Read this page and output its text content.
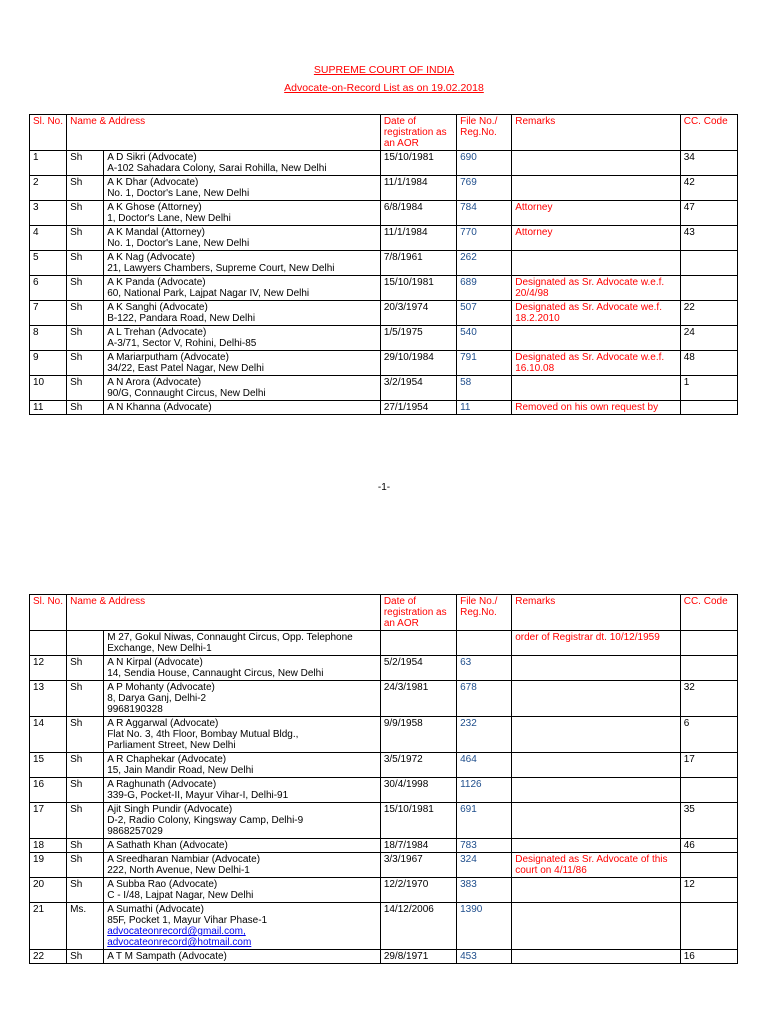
SUPREME COURT OF INDIA
Advocate-on-Record List as on 19.02.2018
Sl. No.	Name & Address		Date of registration as an AOR	File No./ Reg.No.	Remarks	CC. Code
1	Sh	A D Sikri (Advocate)
A-102 Sahadara Colony, Sarai Rohilla, New Delhi	15/10/1981	690		34
2	Sh	A K Dhar (Advocate)
No. 1, Doctor's Lane, New Delhi	11/1/1984	769		42
3	Sh	A K Ghose (Attorney)
1, Doctor's Lane, New Delhi	6/8/1984	784	Attorney	47
4	Sh	A K Mandal (Attorney)
No. 1, Doctor's Lane, New Delhi	11/1/1984	770	Attorney	43
5	Sh	A K Nag (Advocate)
21, Lawyers Chambers, Supreme Court, New Delhi	7/8/1961	262		
6	Sh	A K Panda (Advocate)
60, National Park, Lajpat Nagar IV, New Delhi	15/10/1981	689	Designated as Sr. Advocate w.e.f. 20/4/98	
7	Sh	A K Sanghi (Advocate)
B-122, Pandara Road, New Delhi	20/3/1974	507	Designated as Sr. Advocate we.f. 18.2.2010	22
8	Sh	A L Trehan (Advocate)
A-3/71, Sector V, Rohini, Delhi-85	1/5/1975	540		24
9	Sh	A Mariarputham (Advocate)
34/22, East Patel Nagar, New Delhi	29/10/1984	791	Designated as Sr. Advocate w.e.f. 16.10.08	48
10	Sh	A N Arora (Advocate)
90/G, Connaught Circus, New Delhi	3/2/1954	58		1
11	Sh	A N Khanna (Advocate)	27/1/1954	11	Removed on his own request by	
-1-
Sl. No.	Name & Address		Date of registration as an AOR	File No./ Reg.No.	Remarks	CC. Code

		M 27, Gokul Niwas, Connaught Circus, Opp. Telephone Exchange, New Delhi-1			order of Registrar dt. 10/12/1959	
12	Sh	A N Kirpal (Advocate)
14, Sendia House, Cannaught Circus, New Delhi	5/2/1954	63		
13	Sh	A P Mohanty (Advocate)
8, Darya Ganj, Delhi-2
9968190328	24/3/1981	678		32
14	Sh	A R Aggarwal (Advocate)
Flat No. 3, 4th Floor, Bombay Mutual Bldg.,
Parliament Street, New Delhi	9/9/1958	232		6
15	Sh	A R Chaphekar (Advocate)
15, Jain Mandir Road, New Delhi	3/5/1972	464		17
16	Sh	A Raghunath (Advocate)
339-G, Pocket-II, Mayur Vihar-I, Delhi-91	30/4/1998	1126		
17	Sh	Ajit Singh Pundir (Advocate)
D-2, Radio Colony, Kingsway Camp, Delhi-9
9868257029	15/10/1981	691		35
18	Sh	A Sathath Khan (Advocate)	18/7/1984	783		46
19	Sh	A Sreedharan Nambiar (Advocate)
222, North Avenue, New Delhi-1	3/3/1967	324	Designated as Sr. Advocate of this court on 4/11/86	
20	Sh	A Subba Rao (Advocate)
C - I/48, Lajpat Nagar, New Delhi	12/2/1970	383		12
21	Ms.	A Sumathi (Advocate)
85F, Pocket 1, Mayur Vihar Phase-1
advocateonrecord@gmail.com,
advocateonrecord@hotmail.com	14/12/2006	1390		
22	Sh	A T M Sampath (Advocate)	29/8/1971	453		16
